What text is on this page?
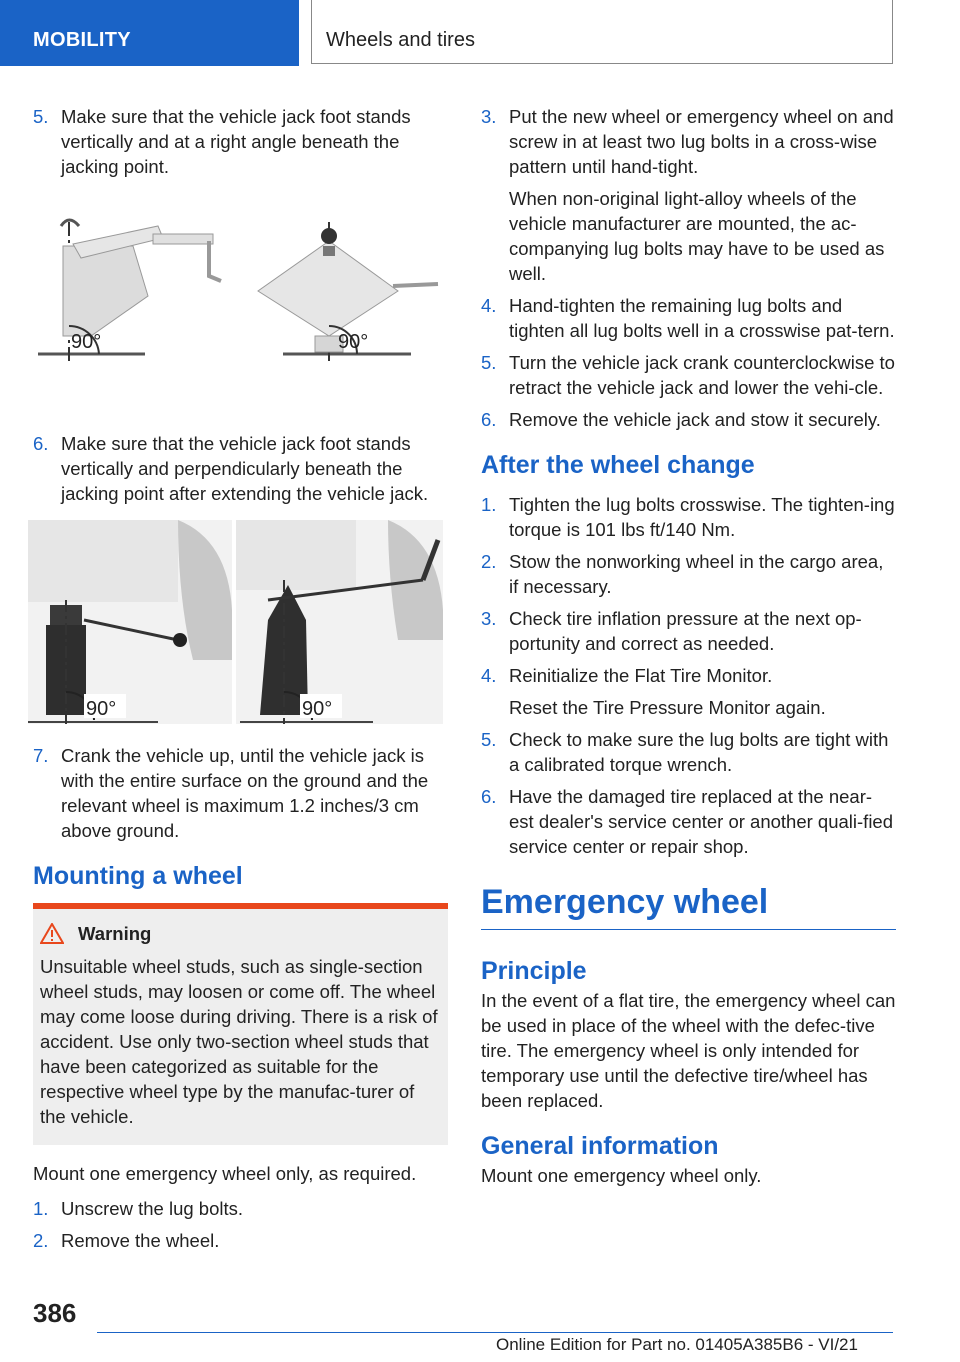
MOBILITY	Wheels and tires
5. Make sure that the vehicle jack foot stands vertically and at a right angle beneath the jacking point.

90°	90°
6. Make sure that the vehicle jack foot stands vertically and perpendicularly beneath the jacking point after extending the vehicle jack.

90°	90°
7. Crank the vehicle up, until the vehicle jack is with the entire surface on the ground and the relevant wheel is maximum 1.2 inches/3 cm above ground.

Mounting a wheel
Warning

Unsuitable wheel studs, such as single-section wheel studs, may loosen or come off. The wheel may come loose during driving. There is a risk of accident. Use only two-section wheel studs that have been categorized as suitable for the respective wheel type by the manufac-turer of the vehicle.

Mount one emergency wheel only, as required.

1. Unscrew the lug bolts.

2. Remove the wheel.

3. Put the new wheel or emergency wheel on and screw in at least two lug bolts in a cross-wise pattern until hand-tight.

When non-original light-alloy wheels of the vehicle manufacturer are mounted, the ac-companying lug bolts may have to be used as well.

4. Hand-tighten the remaining lug bolts and tighten all lug bolts well in a crosswise pat-tern.

5. Turn the vehicle jack crank counterclockwise to retract the vehicle jack and lower the vehi-cle.

6. Remove the vehicle jack and stow it securely.

After the wheel change
1. Tighten the lug bolts crosswise. The tighten-ing torque is 101 lbs ft/140 Nm.

2. Stow the nonworking wheel in the cargo area, if necessary.

3. Check tire inflation pressure at the next op-portunity and correct as needed.

4. Reinitialize the Flat Tire Monitor.

Reset the Tire Pressure Monitor again.

5. Check to make sure the lug bolts are tight with a calibrated torque wrench.

6. Have the damaged tire replaced at the near-est dealer's service center or another quali-fied service center or repair shop.

Emergency wheel
Principle

In the event of a flat tire, the emergency wheel can be used in place of the wheel with the defec-tive tire. The emergency wheel is only intended for temporary use until the defective tire/wheel has been replaced.

General information

Mount one emergency wheel only.

386
Online Edition for Part no. 01405A385B6 - VI/21
